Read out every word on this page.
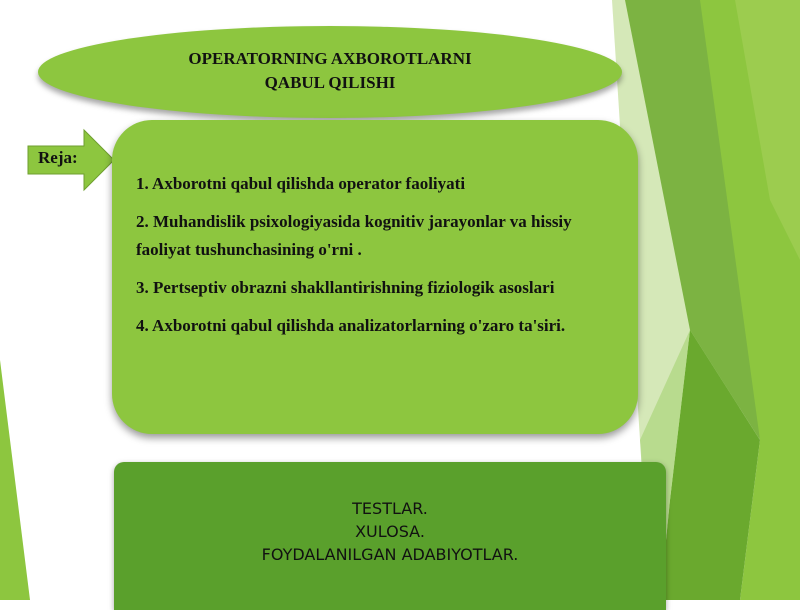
OPERATORNING AXBOROTLARNI
QABUL QILISHI
Reja:
1. Axborotni qabul qilishda operator faoliyati
2. Muhandislik psixologiyasida kognitiv jarayonlar va hissiy faoliyat tushunchasining o'rni .
3. Pertseptiv obrazni shakllantirishning fiziologik asoslari
4. Axborotni qabul qilishda analizatorlarning o'zaro ta'siri.
TESTLAR.
XULOSA.
FOYDALANILGAN ADABIYOTLAR.
